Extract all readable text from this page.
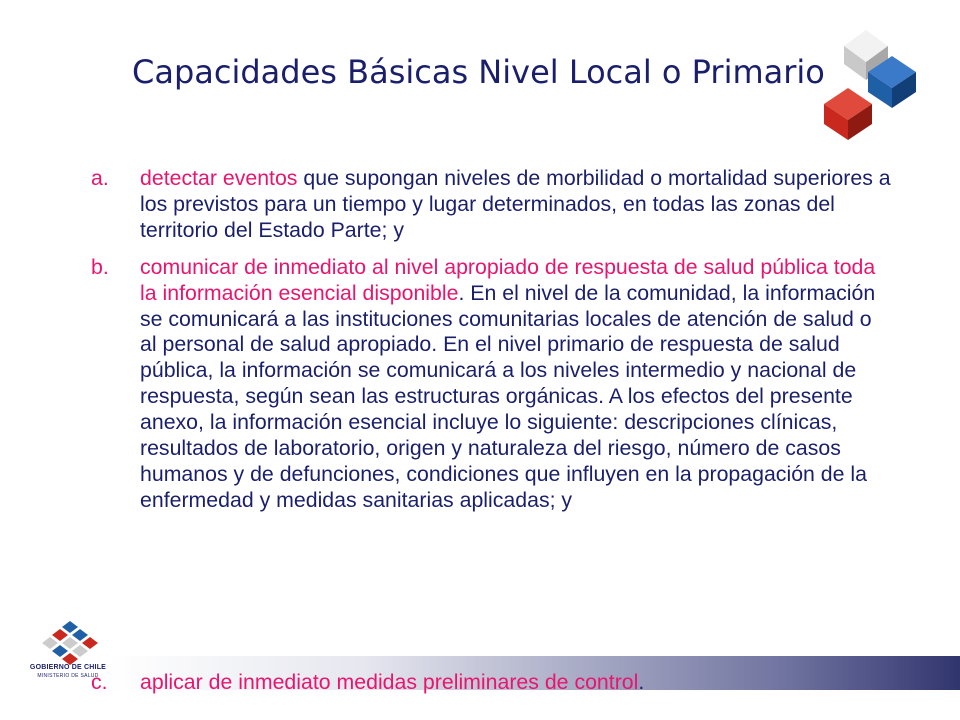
Capacidades Básicas Nivel Local o Primario
a. detectar eventos que supongan niveles de morbilidad o mortalidad superiores a los previstos para un tiempo y lugar determinados, en todas las zonas del territorio del Estado Parte; y
b. comunicar de inmediato al nivel apropiado de respuesta de salud pública toda la información esencial disponible. En el nivel de la comunidad, la información se comunicará a las instituciones comunitarias locales de atención de salud o al personal de salud apropiado. En el nivel primario de respuesta de salud pública, la información se comunicará a los niveles intermedio y nacional de respuesta, según sean las estructuras orgánicas. A los efectos del presente anexo, la información esencial incluye lo siguiente: descripciones clínicas, resultados de laboratorio, origen y naturaleza del riesgo, número de casos humanos y de defunciones, condiciones que influyen en la propagación de la enfermedad y medidas sanitarias aplicadas; y
c. aplicar de inmediato medidas preliminares de control.
GOBIERNO DE CHILE
MINISTERIO DE SALUD
